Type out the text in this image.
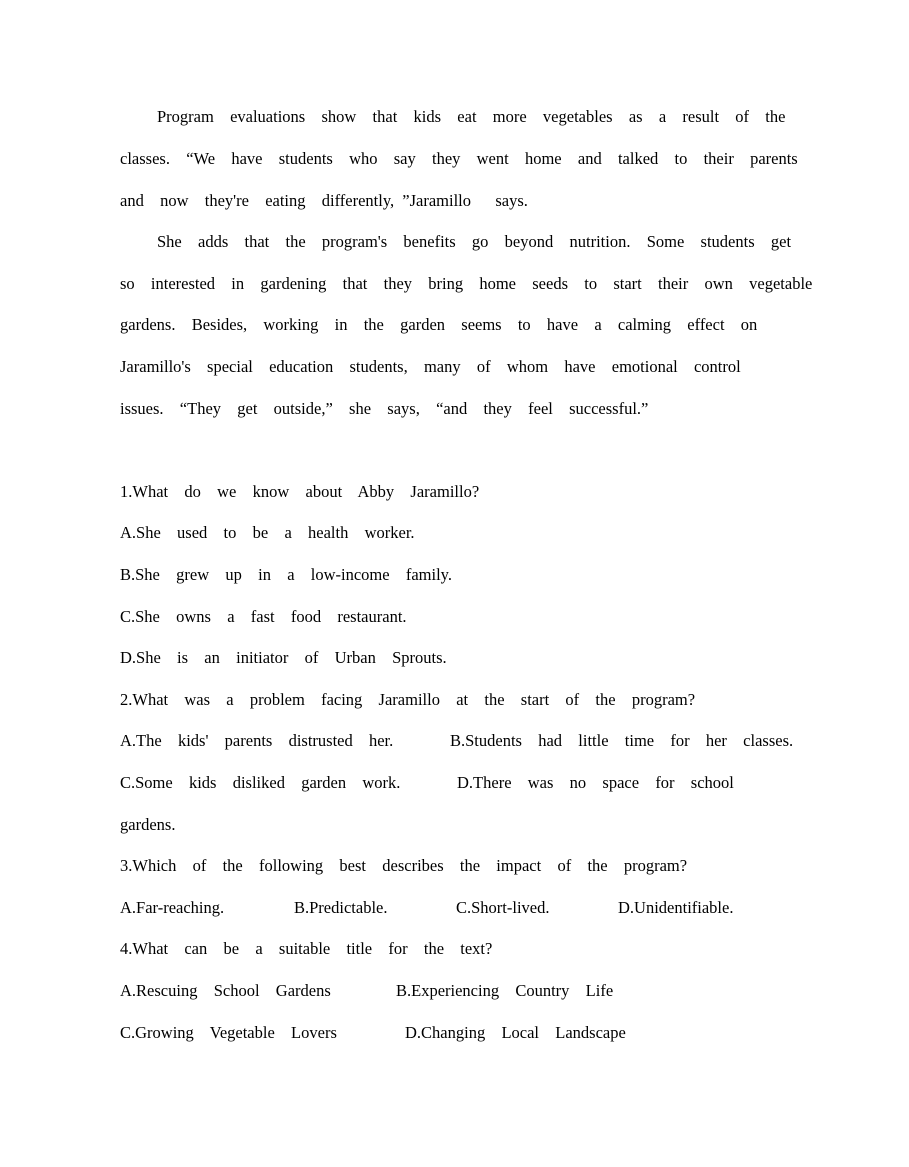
Program  evaluations  show  that  kids  eat  more  vegetables  as  a  result  of  the
classes.  “We  have  students  who  say  they  went  home  and  talked  to  their  parents
and  now  they're  eating  differently, ”Jaramillo   says.
She  adds  that  the  program's  benefits  go  beyond  nutrition.  Some  students  get
so  interested  in  gardening  that  they  bring  home  seeds  to  start  their  own  vegetable
gardens.  Besides,  working  in  the  garden  seems  to  have  a  calming  effect  on
Jaramillo's  special  education  students,  many  of  whom  have  emotional  control
issues.  “They  get  outside,”  she  says,  “and  they  feel  successful.”
1.What  do  we  know  about  Abby  Jaramillo?
A.She  used  to  be  a  health  worker.
B.She  grew  up  in  a  low-income  family.
C.She  owns  a  fast  food  restaurant.
D.She  is  an  initiator  of  Urban  Sprouts.
2.What  was  a  problem  facing  Jaramillo  at  the  start  of  the  program?
A.The  kids'  parents  distrusted  her.	B.Students  had  little  time  for  her  classes.
C.Some  kids  disliked  garden  work.	D.There  was  no  space  for  school
gardens.
3.Which  of  the  following  best  describes  the  impact  of  the  program?
A.Far-reaching.	B.Predictable.	C.Short-lived.	D.Unidentifiable.
4.What  can  be  a  suitable  title  for  the  text?
A.Rescuing  School  Gardens	B.Experiencing  Country  Life
C.Growing  Vegetable  Lovers	D.Changing  Local  Landscape
